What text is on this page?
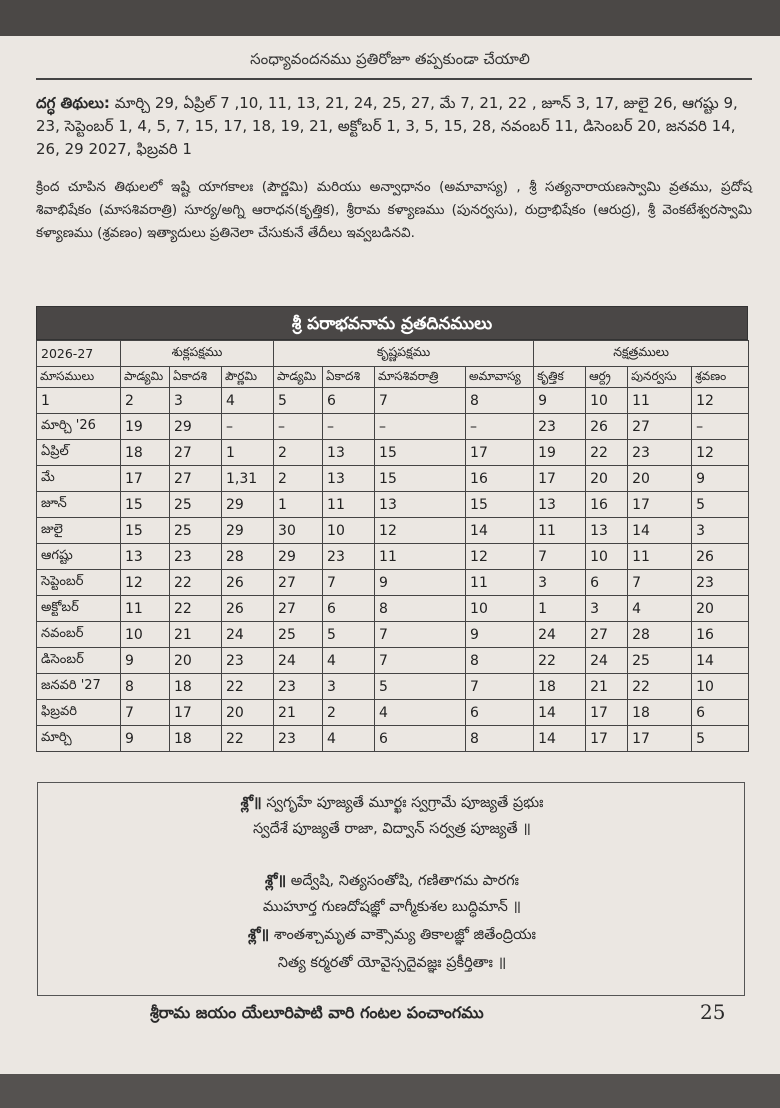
సంధ్యావందనము ప్రతిరోజూ తప్పకుండా చేయాలి
దగ్ధ తిథులు: మార్చి 29, ఏప్రిల్ 7 ,10, 11, 13, 21, 24, 25, 27, మే 7, 21, 22 , జూన్ 3, 17, జులై 26, ఆగష్టు 9, 23, సెప్టెంబర్ 1, 4, 5, 7, 15, 17, 18, 19, 21, అక్టోబర్ 1, 3, 5, 15, 28, నవంబర్ 11, డిసెంబర్ 20, జనవరి 14, 26, 29 2027, ఫిబ్రవరి 1
క్రింద చూపిన తిథులలో ఇష్టి యాగకాలః (పౌర్ణమి) మరియు అన్వాధానం (అమావాస్య) , శ్రీ సత్యనారాయణస్వామి వ్రతము, ప్రదోష శివాభిషేకం (మాసశివరాత్రి) సూర్య/అగ్ని ఆరాధన(కృత్తిక), శ్రీరామ కళ్యాణము (పునర్వసు), రుద్రాభిషేకం (ఆరుద్ర), శ్రీ వెంకటేశ్వరస్వామి కళ్యాణము (శ్రవణం) ఇత్యాదులు ప్రతినెలా చేసుకునే తేదీలు ఇవ్వబడినవి.
శ్రీ పరాభవనామ వ్రతదినములు
2026-27	శుక్లపక్షము			కృష్ణపక్షము				నక్షత్రములు			
మాసములు	పాడ్యమి	ఏకాదశి	పౌర్ణమి	పాడ్యమి	ఏకాదశి	మాసశివరాత్రి	అమావాస్య	కృత్తిక	ఆర్ద్ర	పునర్వసు	శ్రవణం
1	2	3	4	5	6	7	8	9	10	11	12
మార్చి '26	19	29	–	–	–	–	–	23	26	27	–
ఏప్రిల్	18	27	1	2	13	15	17	19	22	23	12
మే	17	27	1,31	2	13	15	16	17	20	20	9
జూన్	15	25	29	1	11	13	15	13	16	17	5
జులై	15	25	29	30	10	12	14	11	13	14	3
ఆగష్టు	13	23	28	29	23	11	12	7	10	11	26
సెప్టెంబర్	12	22	26	27	7	9	11	3	6	7	23
అక్టోబర్	11	22	26	27	6	8	10	1	3	4	20
నవంబర్	10	21	24	25	5	7	9	24	27	28	16
డిసెంబర్	9	20	23	24	4	7	8	22	24	25	14
జనవరి '27	8	18	22	23	3	5	7	18	21	22	10
ఫిబ్రవరి	7	17	20	21	2	4	6	14	17	18	6
మార్చి	9	18	22	23	4	6	8	14	17	17	5
శ్లో॥ స్వగృహే పూజ్యతే మూర్ఖః స్వగ్రామే పూజ్యతే ప్రభుః
స్వదేశే పూజ్యతే రాజా, విద్వాన్ సర్వత్ర పూజ్యతే ॥
శ్లో॥ అద్వేషి, నిత్యసంతోషి, గణితాగమ పారగః
ముహూర్త గుణదోషజ్ఞో వాగ్మీకుశల బుద్ధిమాన్ ॥
శ్లో॥ శాంతశ్చామృత వాక్సౌమ్య తికాలజ్ఞో జితేంద్రియః
నిత్య కర్మరతో యోవైస్సదైవజ్ఞః ప్రకీర్తితాః ॥
శ్రీరామ జయం యేలూరిపాటి వారి గంటల పంచాంగము	25
